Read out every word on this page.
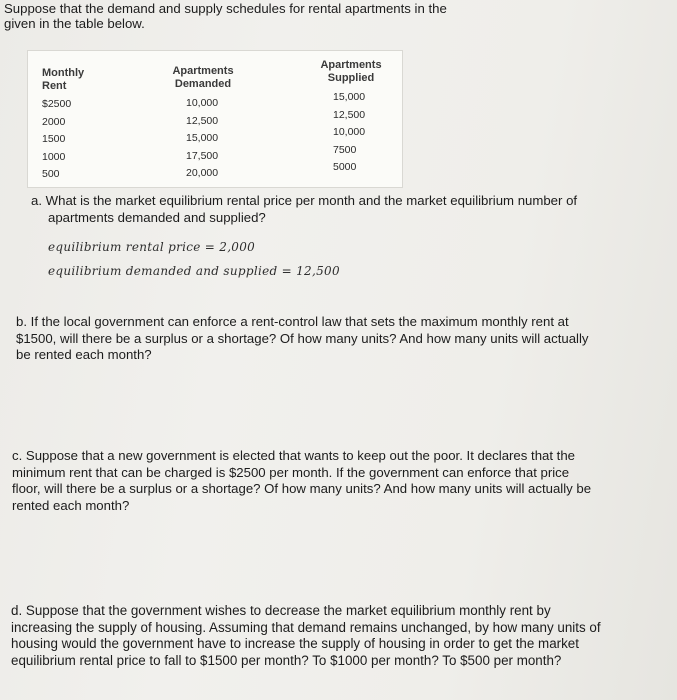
Suppose that the demand and supply schedules for rental apartments in the
given in the table below.
Monthly
Rent
Apartments
Demanded
Apartments
Supplied
$2500
2000
1500
1000
500
10,000
12,500
15,000
17,500
20,000
15,000
12,500
10,000
7500
5000
a. What is the market equilibrium rental price per month and the market equilibrium number of
apartments demanded and supplied?
equilibrium rental price = 2,000
equilibrium demanded and supplied = 12,500
b. If the local government can enforce a rent-control law that sets the maximum monthly rent at
$1500, will there be a surplus or a shortage? Of how many units? And how many units will actually
be rented each month?
c. Suppose that a new government is elected that wants to keep out the poor. It declares that the
minimum rent that can be charged is $2500 per month. If the government can enforce that price
floor, will there be a surplus or a shortage? Of how many units? And how many units will actually be
rented each month?
d. Suppose that the government wishes to decrease the market equilibrium monthly rent by
increasing the supply of housing. Assuming that demand remains unchanged, by how many units of
housing would the government have to increase the supply of housing in order to get the market
equilibrium rental price to fall to $1500 per month? To $1000 per month? To $500 per month?
